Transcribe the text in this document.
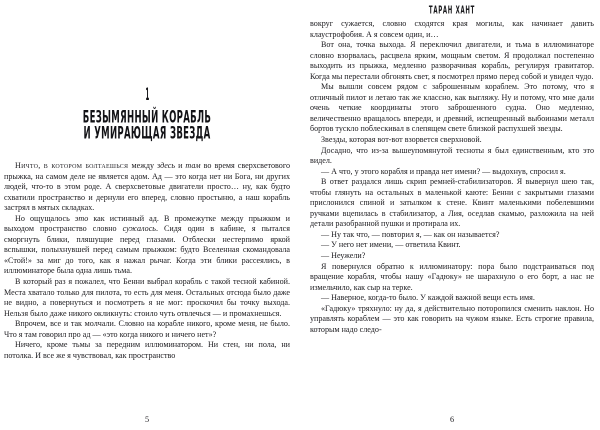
1
БЕЗЫМЯННЫЙ КОРАБЛЬ
И УМИРАЮЩАЯ ЗВЕЗДА

Ничто, в котором болтаешься между здесь и там во время сверхсветового прыжка, на самом деле не является адом. Ад — это когда нет ни Бога, ни других людей, что-то в этом роде. А сверхсветовые двигатели просто… ну, как будто схватили пространство и дернули его вперед, словно простыню, а наш корабль застрял в мятых складках.

Но ощущалось это как истинный ад. В промежутке между прыжком и выходом пространство словно сужалось. Сидя один в кабине, я пытался сморгнуть блики, пляшущие перед глазами. Отблески нестерпимо яркой вспышки, полыхнувшей перед самым прыжком: будто Вселенная скомандовала «Стой!» за миг до того, как я нажал рычаг. Когда эти блики рассеялись, в иллюминаторе была одна лишь тьма.

В который раз я пожалел, что Бенни выбрал корабль с такой тесной кабиной. Места хватало только для пилота, то есть для меня. Остальных отсюда было даже не видно, а повернуться и посмотреть я не мог: проскочил бы точку выхода. Нельзя было даже никого окликнуть: стоило чуть отвлечься — и промахнешься.

Впрочем, все и так молчали. Словно на корабле никого, кроме меня, не было. Что я там говорил про ад — «это когда никого и ничего нет»?

Ничего, кроме тьмы за передним иллюминатором. Ни стен, ни пола, ни потолка. И все же я чувствовал, как пространство

5
ТАРАН ХАНТ

вокруг сужается, словно сходятся края могилы, как начинает давить клаустрофобия. А я совсем один, и…

Вот она, точка выхода. Я переключил двигатели, и тьма в иллюминаторе словно взорвалась, расцвела ярким, мощным светом. Я продолжал постепенно выходить из прыжка, медленно разворачивая корабль, регулируя гравитатор. Когда мы перестали обгонять свет, я посмотрел прямо перед собой и увидел чудо.

Мы вышли совсем рядом с заброшенным кораблем. Это потому, что я отличный пилот и летаю так же классно, как выгляжу. Ну и потому, что мне дали очень четкие координаты этого заброшенного судна. Оно медленно, величественно вращалось впереди, и древний, испещренный выбоинами металл бортов тускло поблескивал в слепящем свете близкой распухшей звезды.

Звезды, которая вот-вот взорвется сверхновой.

Досадно, что из-за вышеупомянутой тесноты я был единственным, кто это видел.

— А что, у этого корабля и правда нет имени? — выдохнув, спросил я.

В ответ раздался лишь скрип ремней-стабилизаторов. Я вывернул шею так, чтобы глянуть на остальных в маленькой каюте: Бенни с закрытыми глазами прислонился спиной и затылком к стене. Квинт маленькими побелевшими ручками вцепилась в стабилизатор, а Лия, оседлав скамью, разложила на ней детали разобранной пушки и протирала их.

— Ну так что, — повторил я, — как он называется?

— У него нет имени, — ответила Квинт.

— Неужели?

Я повернулся обратно к иллюминатору: пора было подстраиваться под вращение корабля, чтобы нашу «Гадюку» не шарахнуло о его борт, а нас не измельчило, как сыр на терке.

— Наверное, когда-то было. У каждой важной вещи есть имя.

«Гадюку» тряхнуло: ну да, я действительно поторопился сменить наклон. Но управлять кораблем — это как говорить на чужом языке. Есть строгие правила, которым надо следо-

6
